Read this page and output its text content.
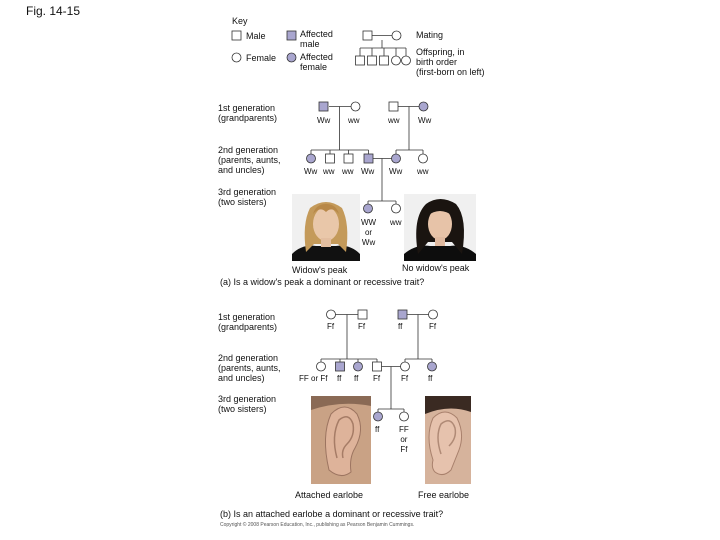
Fig. 14-15
Key
Male
Female
Affected
male
Affected
female
Mating
Offspring, in
birth order
(first-born on left)
1st generation
(grandparents)
2nd generation
(parents, aunts,
and uncles)
3rd generation
(two sisters)
Ww ww	ww Ww
Ww ww ww Ww Ww ww
WW
or
Ww
ww
Widow's peak	No widow's peak
(a) Is a widow's peak a dominant or recessive trait?
1st generation
(grandparents)
2nd generation
(parents, aunts,
and uncles)
3rd generation
(two sisters)
Ff	Ff	ff	Ff
FF or Ff ff ff Ff	Ff ff
ff FF
or
Ff
Attached earlobe	Free earlobe
(b) Is an attached earlobe a dominant or recessive trait?
Copyright © 2008 Pearson Education, Inc., publishing as Pearson Benjamin Cummings.
